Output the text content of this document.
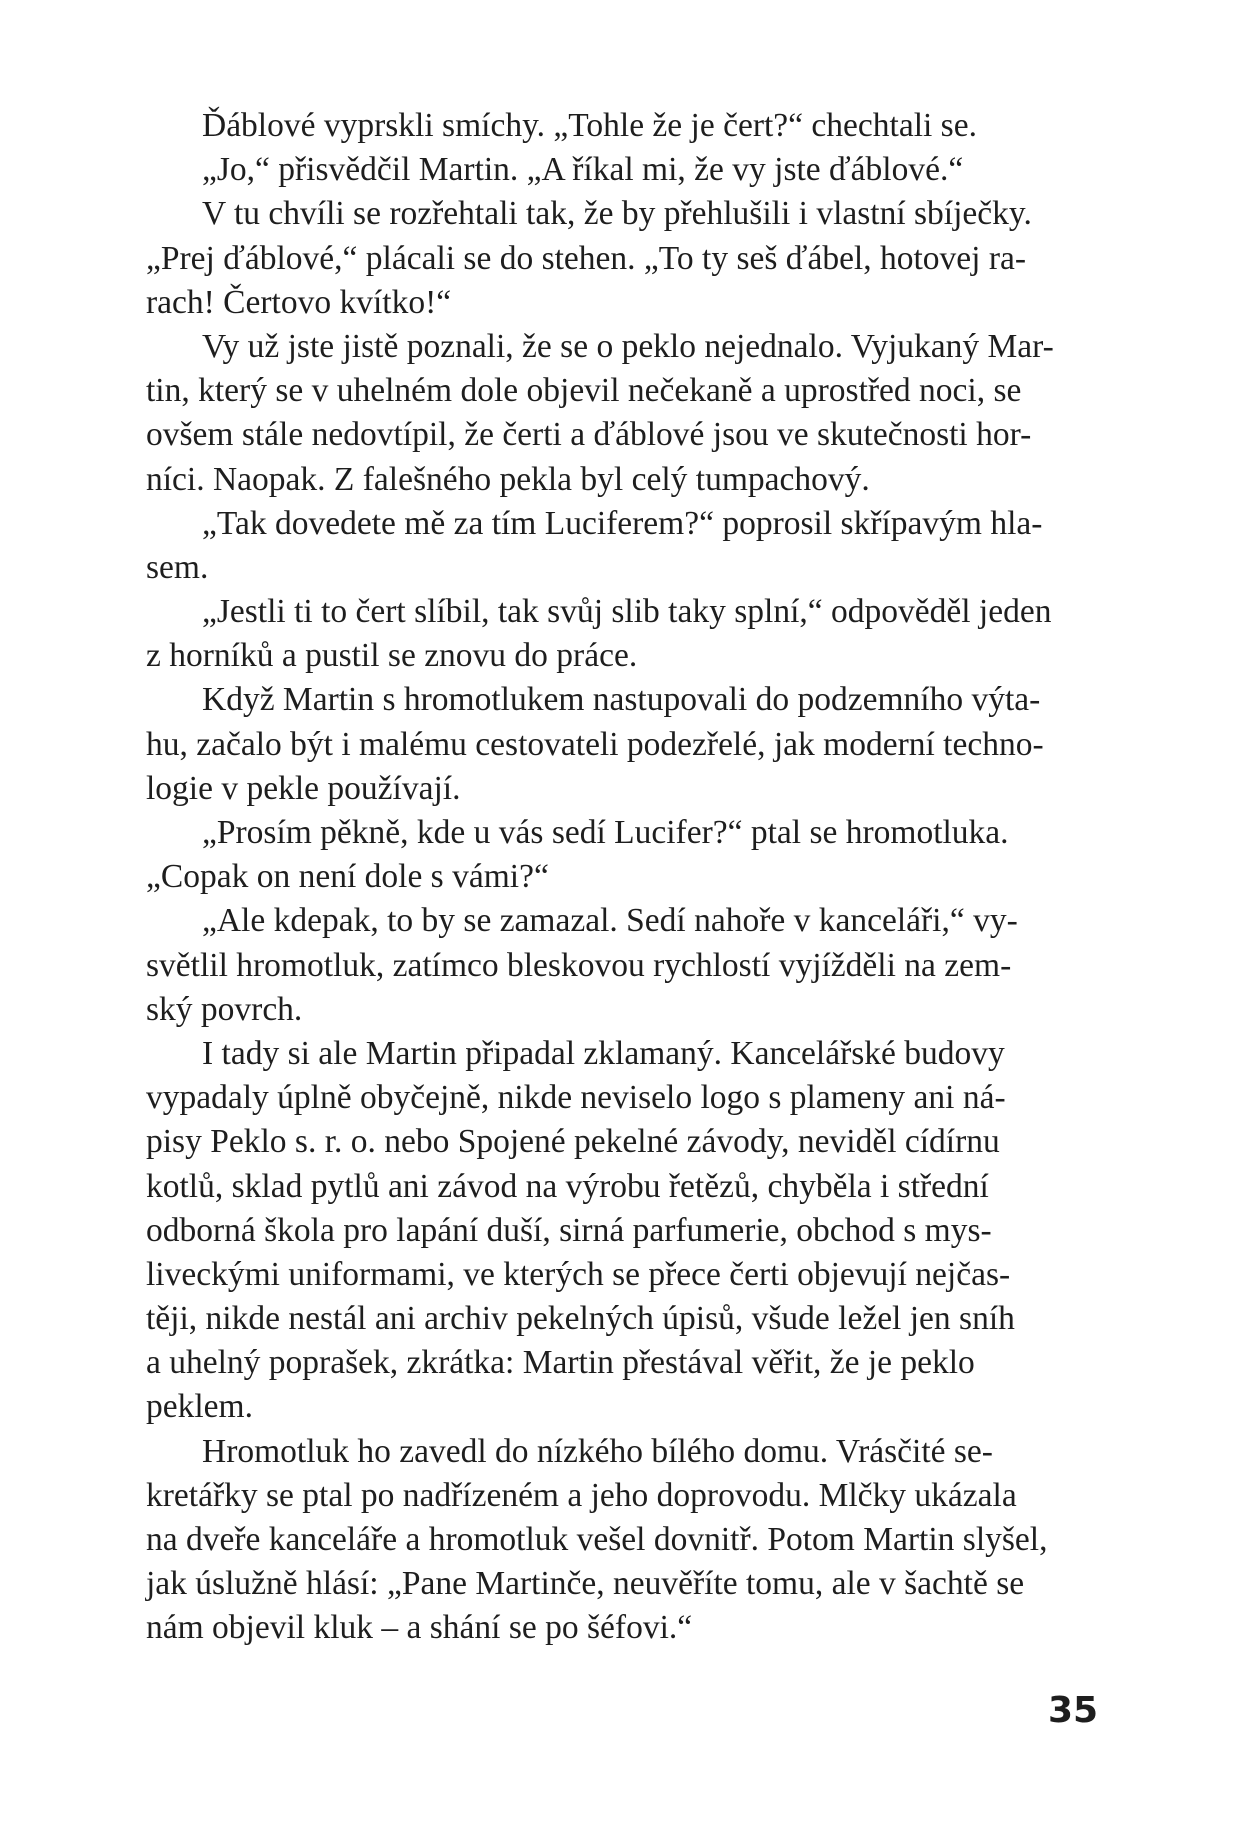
Ďáblové vyprskli smíchy. „Tohle že je čert?“ chechtali se.
„Jo,“ přisvědčil Martin. „A říkal mi, že vy jste ďáblové.“
V tu chvíli se rozřehtali tak, že by přehlušili i vlastní sbíječky.
„Prej ďáblové,“ plácali se do stehen. „To ty seš ďábel, hotovej ra-
rach! Čertovo kvítko!“
Vy už jste jistě poznali, že se o peklo nejednalo. Vyjukaný Mar-
tin, který se v uhelném dole objevil nečekaně a uprostřed noci, se
ovšem stále nedovtípil, že čerti a ďáblové jsou ve skutečnosti hor-
níci. Naopak. Z falešného pekla byl celý tumpachový.
„Tak dovedete mě za tím Luciferem?“ poprosil skřípavým hla-
sem.
„Jestli ti to čert slíbil, tak svůj slib taky splní,“ odpověděl jeden
z horníků a pustil se znovu do práce.
Když Martin s hromotlukem nastupovali do podzemního výta-
hu, začalo být i malému cestovateli podezřelé, jak moderní techno-
logie v pekle používají.
„Prosím pěkně, kde u vás sedí Lucifer?“ ptal se hromotluka.
„Copak on není dole s vámi?“
„Ale kdepak, to by se zamazal. Sedí nahoře v kanceláři,“ vy-
světlil hromotluk, zatímco bleskovou rychlostí vyjížděli na zem-
ský povrch.
I tady si ale Martin připadal zklamaný. Kancelářské budovy
vypadaly úplně obyčejně, nikde neviselo logo s plameny ani ná-
pisy Peklo s. r. o. nebo Spojené pekelné závody, neviděl cídírnu
kotlů, sklad pytlů ani závod na výrobu řetězů, chyběla i střední
odborná škola pro lapání duší, sirná parfumerie, obchod s mys-
liveckými uniformami, ve kterých se přece čerti objevují nejčas-
těji, nikde nestál ani archiv pekelných úpisů, všude ležel jen sníh
a uhelný poprašek, zkrátka: Martin přestával věřit, že je peklo
peklem.
Hromotluk ho zavedl do nízkého bílého domu. Vrásčité se-
kretářky se ptal po nadřízeném a jeho doprovodu. Mlčky ukázala
na dveře kanceláře a hromotluk vešel dovnitř. Potom Martin slyšel,
jak úslužně hlásí: „Pane Martinče, neuvěříte tomu, ale v šachtě se
nám objevil kluk – a shání se po šéfovi.“
35
